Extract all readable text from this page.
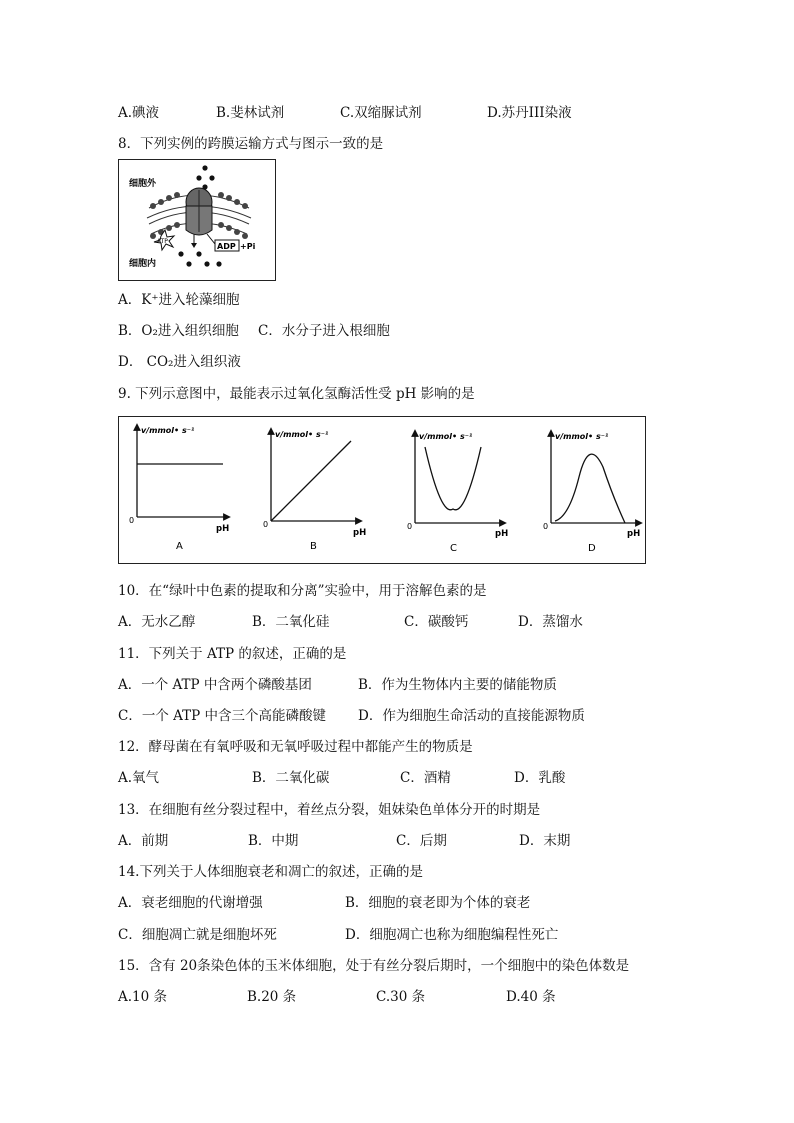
A.碘液	B.斐林试剂	C.双缩脲试剂	D.苏丹III染液
8．下列实例的跨膜运输方式与图示一致的是
细胞外
细胞内
ATP
ADP +Pi
A．K⁺进入轮藻细胞
B．O₂进入组织细胞 C．水分子进入根细胞
D． CO₂进入组织液
9. 下列示意图中，最能表示过氧化氢酶活性受 pH 影响的是
v/mmol• s⁻¹
pH
0
A
v/mmol• s⁻¹
pH
0
B
v/mmol• s⁻¹
pH
0
C
v/mmol• s⁻¹
pH
0
D
10．在“绿叶中色素的提取和分离”实验中，用于溶解色素的是
A．无水乙醇	B．二氧化硅	C．碳酸钙	D．蒸馏水
11．下列关于 ATP 的叙述，正确的是
A．一个 ATP 中含两个磷酸基团	B．作为生物体内主要的储能物质
C．一个 ATP 中含三个高能磷酸键 D．作为细胞生命活动的直接能源物质
12．酵母菌在有氧呼吸和无氧呼吸过程中都能产生的物质是
A.氧气	B．二氧化碳	C．酒精	D．乳酸
13．在细胞有丝分裂过程中，着丝点分裂，姐妹染色单体分开的时期是
A．前期	B．中期	C．后期	D．末期
14.下列关于人体细胞衰老和凋亡的叙述，正确的是
A．衰老细胞的代谢增强	B．细胞的衰老即为个体的衰老
C．细胞凋亡就是细胞坏死	D．细胞凋亡也称为细胞编程性死亡
15．含有 20条染色体的玉米体细胞，处于有丝分裂后期时，一个细胞中的染色体数是
A.10 条	B.20 条	C.30 条	D.40 条
